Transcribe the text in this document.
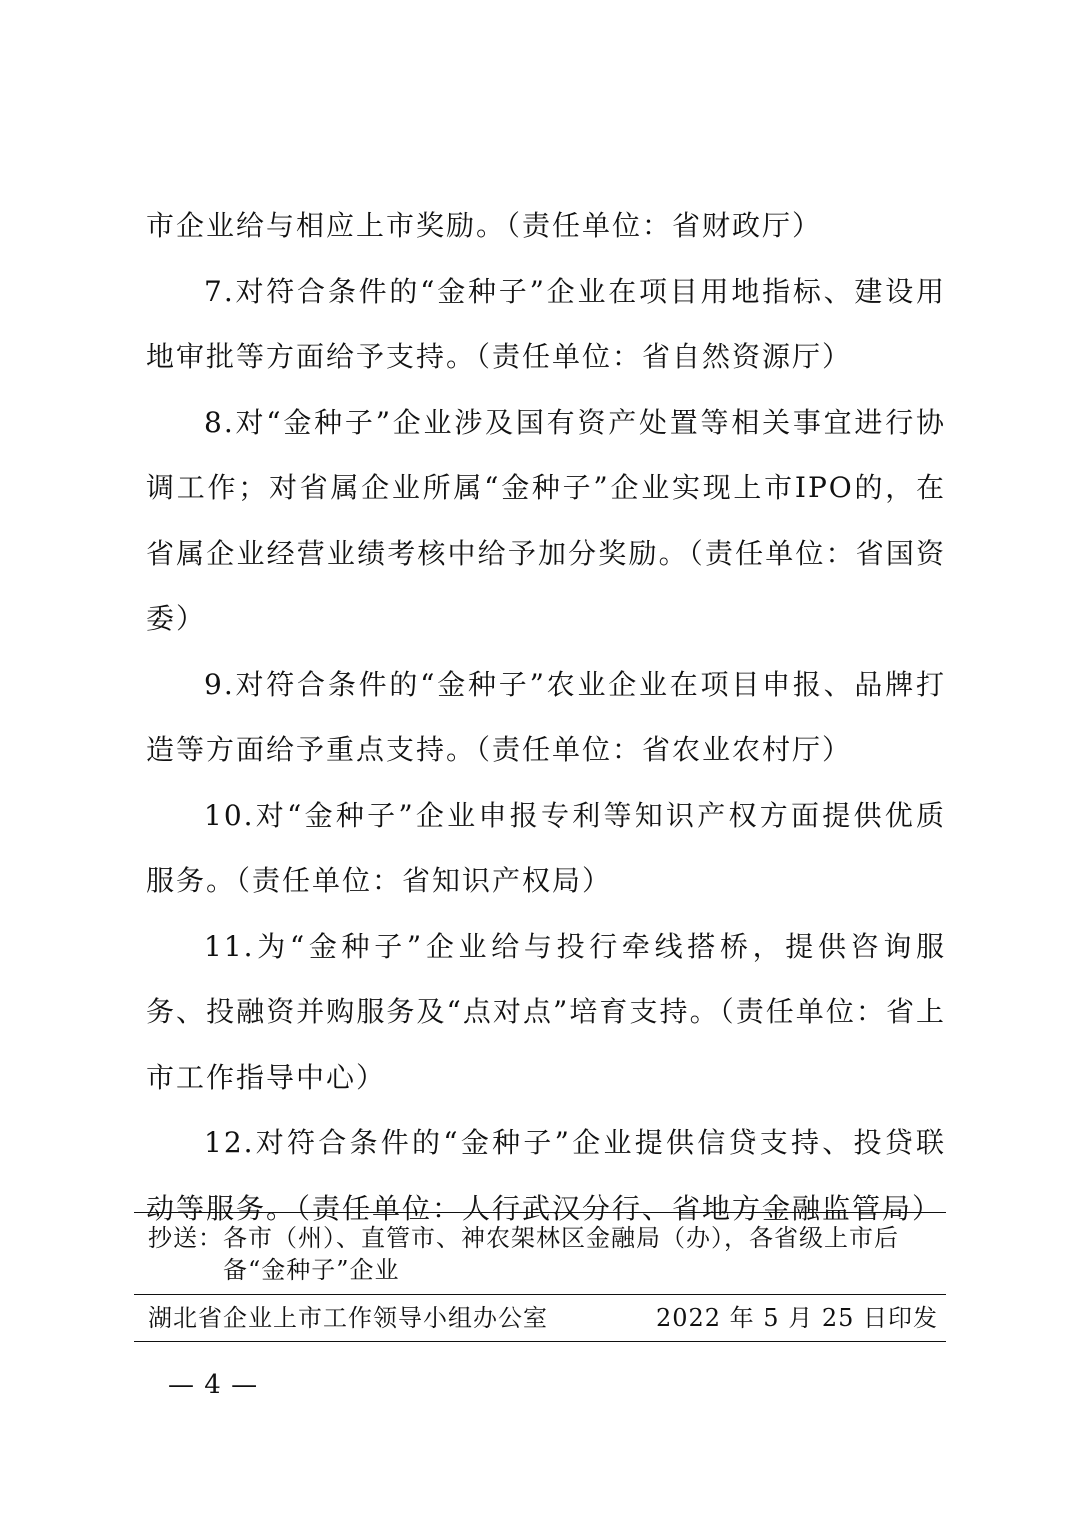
市企业给与相应上市奖励。（责任单位：省财政厅）

7.对符合条件的“金种子”企业在项目用地指标、建设用地审批等方面给予支持。（责任单位：省自然资源厅）

8.对“金种子”企业涉及国有资产处置等相关事宜进行协调工作；对省属企业所属“金种子”企业实现上市IPO的，在省属企业经营业绩考核中给予加分奖励。（责任单位：省国资委）

9.对符合条件的“金种子”农业企业在项目申报、品牌打造等方面给予重点支持。（责任单位：省农业农村厅）

10.对“金种子”企业申报专利等知识产权方面提供优质服务。（责任单位：省知识产权局）

11.为“金种子”企业给与投行牵线搭桥，提供咨询服务、投融资并购服务及“点对点”培育支持。（责任单位：省上市工作指导中心）

12.对符合条件的“金种子”企业提供信贷支持、投贷联动等服务。（责任单位：人行武汉分行、省地方金融监管局）

抄送： 各市（州）、直管市、神农架林区金融局（办），各省级上市后备“金种子”企业
湖北省企业上市工作领导小组办公室	2022 年 5 月 25 日印发
— 4 —
